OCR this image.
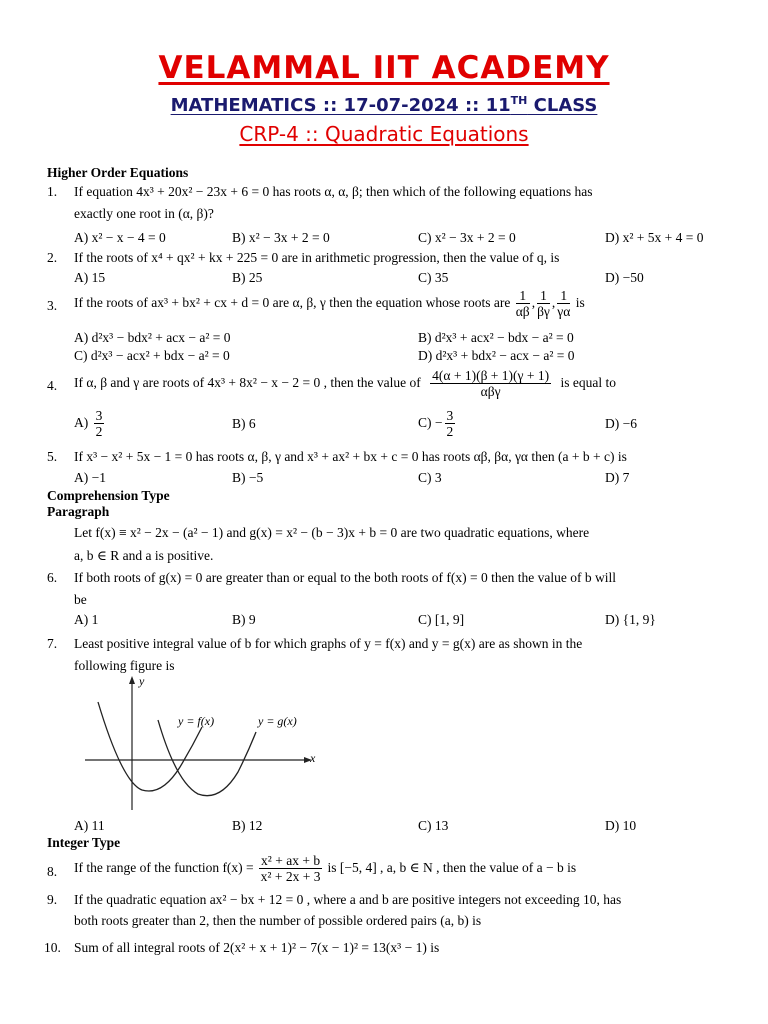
VELAMMAL IIT ACADEMY
MATHEMATICS :: 17-07-2024 :: 11TH CLASS
CRP-4 :: Quadratic Equations
Higher Order Equations
1. If equation 4x³ + 20x² − 23x + 6 = 0 has roots α, α, β; then which of the following equations has
exactly one root in (α, β)?
A) x² − x − 4 = 0	B) x² − 3x + 2 = 0	C) x² − 3x + 2 = 0	D) x² + 5x + 4 = 0
2. If the roots of x⁴ + qx² + kx + 225 = 0 are in arithmetic progression, then the value of q, is
A) 15	B) 25	C) 35	D) −50
3. If the roots of ax³ + bx² + cx + d = 0 are α, β, γ then the equation whose roots are $\frac{1}{\alpha\beta}$ , $\frac{1}{\beta\gamma}$ , $\frac{1}{\gamma\alpha}$ is
A) d²x³ − bdx² + acx − a² = 0	B) d²x³ + acx² − bdx − a² = 0
C) d²x³ − acx² + bdx − a² = 0	D) d²x³ + bdx² − acx − a² = 0
4. If α, β and γ are roots of 4x³ + 8x² − x − 2 = 0 , then the value of $\frac{4(\alpha + 1)(\beta + 1)(\gamma + 1)}{\text{αβγ}}$ is equal to
$A) \frac{3}{2}$	B) 6	$C) - \frac{3}{2}$	D) −6
5. If x³ − x² + 5x − 1 = 0 has roots α, β, γ and x³ + ax² + bx + c = 0 has roots αβ, βα, γα then (a + b + c) is
A) −1	B) −5	C) 3	D) 7
Comprehension Type
Paragraph
Let f(x) ≡ x² − 2x − (a² − 1) and g(x) = x² − (b − 3)x + b = 0 are two quadratic equations, where
a, b ∈ R and a is positive.
6. If both roots of g(x) = 0 are greater than or equal to the both roots of f(x) = 0 then the value of b will
be
A) 1	B) 9	C) [1, 9]	D) {1, 9}
7. Least positive integral value of b for which graphs of y = f(x) and y = g(x) are as shown in the
following figure is
y
x
y = f(x)	y = g(x)
A) 11	B) 12	C) 13	D) 10
Integer Type
8. If the range of the function $f(x) = \frac{\text{x² + ax + b}}{\text{x² + 2x + 3}}$ is [−5, 4] , a, b ∈ N , then the value of a − b is
9. If the quadratic equation ax² − bx + 12 = 0 , where a and b are positive integers not exceeding 10, has
both roots greater than 2, then the number of possible ordered pairs (a, b) is
10. Sum of all integral roots of 2(x² + x + 1)² − 7(x − 1)² = 13(x³ − 1) is
